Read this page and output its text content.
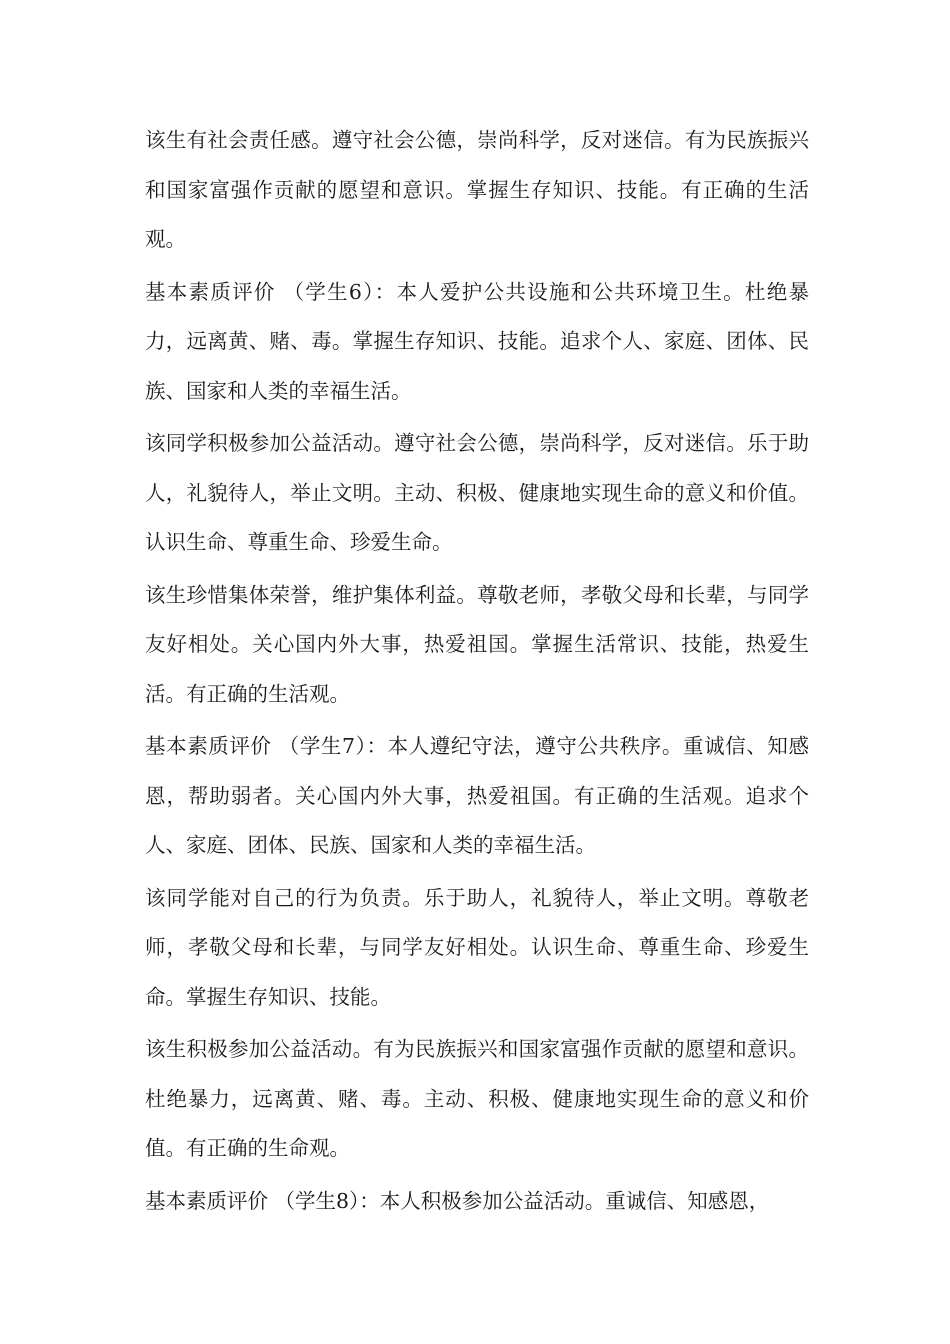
该生有社会责任感。遵守社会公德，崇尚科学，反对迷信。有为民族振兴和国家富强作贡献的愿望和意识。掌握生存知识、技能。有正确的生活观。

基本素质评价 （学生6）：本人爱护公共设施和公共环境卫生。杜绝暴力，远离黄、赌、毒。掌握生存知识、技能。追求个人、家庭、团体、民族、国家和人类的幸福生活。

该同学积极参加公益活动。遵守社会公德，崇尚科学，反对迷信。乐于助人，礼貌待人，举止文明。主动、积极、健康地实现生命的意义和价值。认识生命、尊重生命、珍爱生命。

该生珍惜集体荣誉，维护集体利益。尊敬老师，孝敬父母和长辈，与同学友好相处。关心国内外大事，热爱祖国。掌握生活常识、技能，热爱生活。有正确的生活观。

基本素质评价 （学生7）：本人遵纪守法，遵守公共秩序。重诚信、知感恩，帮助弱者。关心国内外大事，热爱祖国。有正确的生活观。追求个人、家庭、团体、民族、国家和人类的幸福生活。

该同学能对自己的行为负责。乐于助人，礼貌待人，举止文明。尊敬老师，孝敬父母和长辈，与同学友好相处。认识生命、尊重生命、珍爱生命。掌握生存知识、技能。

该生积极参加公益活动。有为民族振兴和国家富强作贡献的愿望和意识。杜绝暴力，远离黄、赌、毒。主动、积极、健康地实现生命的意义和价值。有正确的生命观。

基本素质评价 （学生8）：本人积极参加公益活动。重诚信、知感恩，
